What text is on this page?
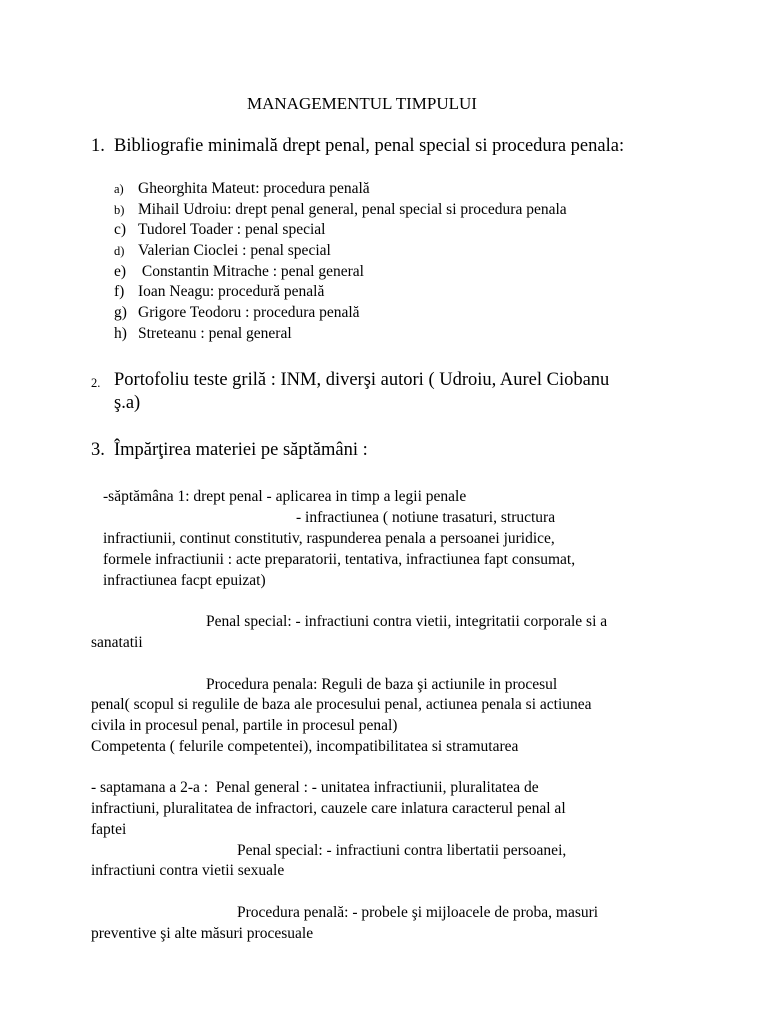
MANAGEMENTUL TIMPULUI
1. Bibliografie minimală drept penal, penal special si procedura penala:
a) Gheorghita Mateut: procedura penală
b) Mihail Udroiu: drept penal general, penal special si procedura penala
c) Tudorel Toader : penal special
d) Valerian Cioclei : penal special
e) Constantin Mitrache : penal general
f) Ioan Neagu: procedură penală
g) Grigore Teodoru : procedura penală
h) Streteanu : penal general
2. Portofoliu teste grilă : INM, diverşi autori ( Udroiu, Aurel Ciobanu
ş.a)
3. Împărţirea materiei pe săptămâni :
-săptămâna 1: drept penal - aplicarea in timp a legii penale
- infractiunea ( notiune trasaturi, structura
infractiunii, continut constitutiv, raspunderea penala a persoanei juridice,
formele infractiunii : acte preparatorii, tentativa, infractiunea fapt consumat,
infractiunea facpt epuizat)
Penal special: - infractiuni contra vietii, integritatii corporale si a
sanatatii
Procedura penala: Reguli de baza şi actiunile in procesul
penal( scopul si regulile de baza ale procesului penal, actiunea penala si actiunea
civila in procesul penal, partile in procesul penal)
Competenta ( felurile competentei), incompatibilitatea si stramutarea
- saptamana a 2-a :  Penal general : - unitatea infractiunii, pluralitatea de
infractiuni, pluralitatea de infractori, cauzele care inlatura caracterul penal al
faptei
Penal special: - infractiuni contra libertatii persoanei,
infractiuni contra vietii sexuale
Procedura penală: - probele şi mijloacele de proba, masuri
preventive şi alte măsuri procesuale
